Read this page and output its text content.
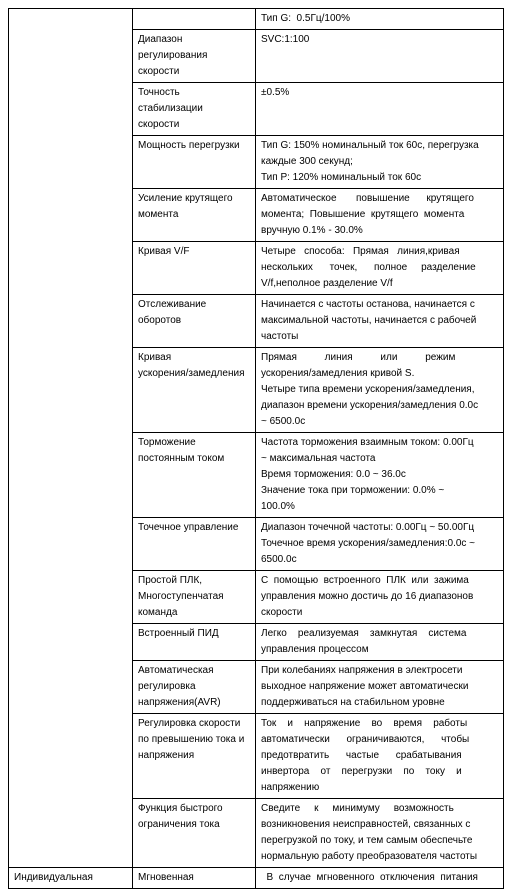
		Тип G:  0.5Гц/100%

	Диапазон
регулирования
скорости	SVC:1:100

	Точность
стабилизации
скорости	±0.5%

	Мощность перегрузки	Тип G: 150% номинальный ток 60с, перегрузка
каждые 300 секунд;
Тип P: 120% номинальный ток 60с

	Усиление крутящего
момента	Автоматическое       повышение      крутящего
момента;  Повышение  крутящего  момента
вручную 0.1% - 30.0%

	Кривая V/F	Четыре   способа:   Прямая   линия,кривая
нескольких      точек,      полное     разделение
V/f,неполное разделение V/f

	Отслеживание
оборотов	Начинается с частоты останова, начинается с
максимальной частоты, начинается с рабочей
частоты

	Кривая
ускорения/замедления	Прямая          линия          или          режим
ускорения/замедления кривой S.
Четыре типа времени ускорения/замедления,
диапазон времени ускорения/замедления 0.0с
~ 6500.0с

	Торможение
постоянным током	Частота торможения взаимным током: 0.00Гц
~ максимальная частота
Время торможения: 0.0 ~ 36.0с
Значение тока при торможении: 0.0% ~
100.0%

	Точечное управление	Диапазон точечной частоты: 0.00Гц ~ 50.00Гц
Точечное время ускорения/замедления:0.0с ~
6500.0с

	Простой ПЛК,
Многоступенчатая
команда	С  помощью  встроенного  ПЛК  или  зажима
управления можно достичь до 16 диапазонов
скорости

	Встроенный ПИД	Легко    реализуемая    замкнутая    система
управления процессом

	Автоматическая
регулировка
напряжения(AVR)	При колебаниях напряжения в электросети
выходное напряжение может автоматически
поддерживаться на стабильном уровне

	Регулировка скорости
по превышению тока и
напряжения	Ток    и    напряжение    во    время    работы
автоматически      ограничиваются,      чтобы
предотвратить      частые      срабатывания
инвертора    от    перегрузки    по    току    и
напряжению

	Функция быстрого
ограничения тока	Сведите     к     минимуму     возможность
возникновения неисправностей, связанных с
перегрузкой по току, и тем самым обеспечьте
нормальную работу преобразователя частоты

Индивидуальная	Мгновенная	В  случае  мгновенного  отключения  питания
